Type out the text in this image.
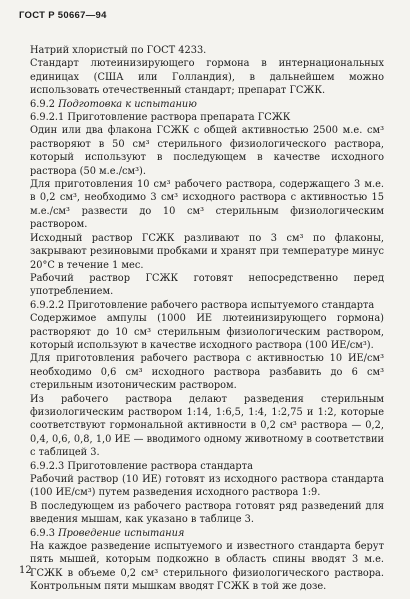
ГОСТ Р 50667—94

Натрий хлористый по ГОСТ 4233.

Стандарт лютеинизирующего гормона в интернациональных единицах (США или Голландия), в дальнейшем можно использовать отечественный стандарт; препарат ГСЖК.

6.9.2 Подготовка к испытанию

6.9.2.1 Приготовление раствора препарата ГСЖК

Один или два флакона ГСЖК с общей активностью 2500 м.е. см³ растворяют в 50 см³ стерильного физиологического раствора, который используют в последующем в качестве исходного раствора (50 м.е./см³).

Для приготовления 10 см³ рабочего раствора, содержащего 3 м.е. в 0,2 см³, необходимо 3 см³ исходного раствора с активностью 15 м.е./см³ развести до 10 см³ стерильным физиологическим раствором.

Исходный раствор ГСЖК разливают по 3 см³ по флаконы, закрывают резиновыми пробками и хранят при температуре минус 20°С в течение 1 мес.

Рабочий раствор ГСЖК готовят непосредственно перед употреблением.

6.9.2.2 Приготовление рабочего раствора испытуемого стандарта

Содержимое ампулы (1000 ИЕ лютеинизирующего гормона) растворяют до 10 см³ стерильным физиологическим раствором, который используют в качестве исходного раствора (100 ИЕ/см³).

Для приготовления рабочего раствора с активностью 10 ИЕ/см³ необходимо 0,6 см³ исходного раствора разбавить до 6 см³ стерильным изотоническим раствором.

Из рабочего раствора делают разведения стерильным физиологическим раствором 1:14, 1:6,5, 1:4, 1:2,75 и 1:2, которые соответствуют гормональной активности в 0,2 см³ раствора — 0,2, 0,4, 0,6, 0,8, 1,0 ИЕ — вводимого одному животному в соответствии с таблицей 3.

6.9.2.3 Приготовление раствора стандарта

Рабочий раствор (10 ИЕ) готовят из исходного раствора стандарта (100 ИЕ/см³) путем разведения исходного раствора 1:9.

В последующем из рабочего раствора готовят ряд разведений для введения мышам, как указано в таблице 3.

6.9.3 Проведение испытания

На каждое разведение испытуемого и известного стандарта берут пять мышей, которым подкожно в область спины вводят 3 м.е. ГСЖК в объеме 0,2 см³ стерильного физиологического раствора. Контрольным пяти мышкам вводят ГСЖК в той же дозе.

12
